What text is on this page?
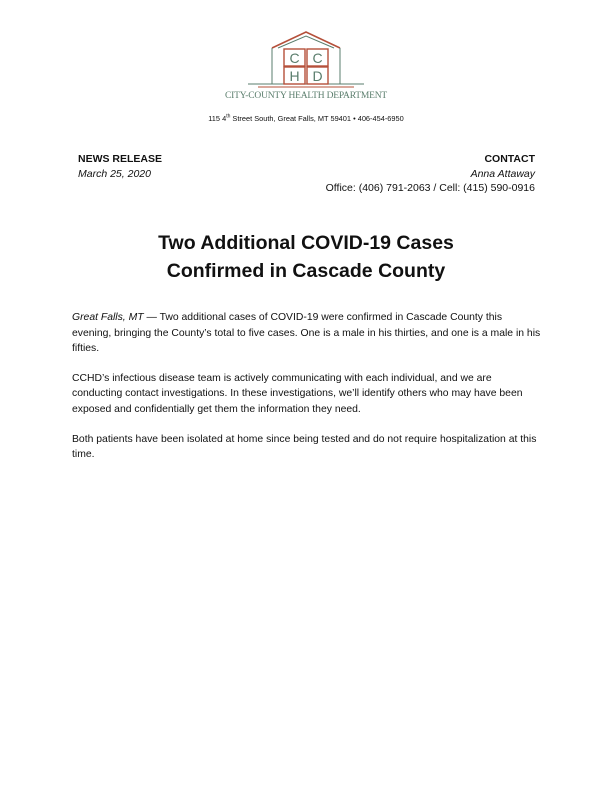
C C
H D
CITY-COUNTY HEALTH DEPARTMENT
115 4th Street South, Great Falls, MT 59401 • 406-454-6950
NEWS RELEASE
March 25, 2020
CONTACT
Anna Attaway
Office: (406) 791-2063 / Cell: (415) 590-0916
Two Additional COVID-19 Cases
Confirmed in Cascade County

Great Falls, MT — Two additional cases of COVID-19 were confirmed in Cascade County this evening, bringing the County’s total to five cases. One is a male in his thirties, and one is a male in his fifties.

CCHD’s infectious disease team is actively communicating with each individual, and we are conducting contact investigations. In these investigations, we’ll identify others who may have been exposed and confidentially get them the information they need.

Both patients have been isolated at home since being tested and do not require hospitalization at this time.
